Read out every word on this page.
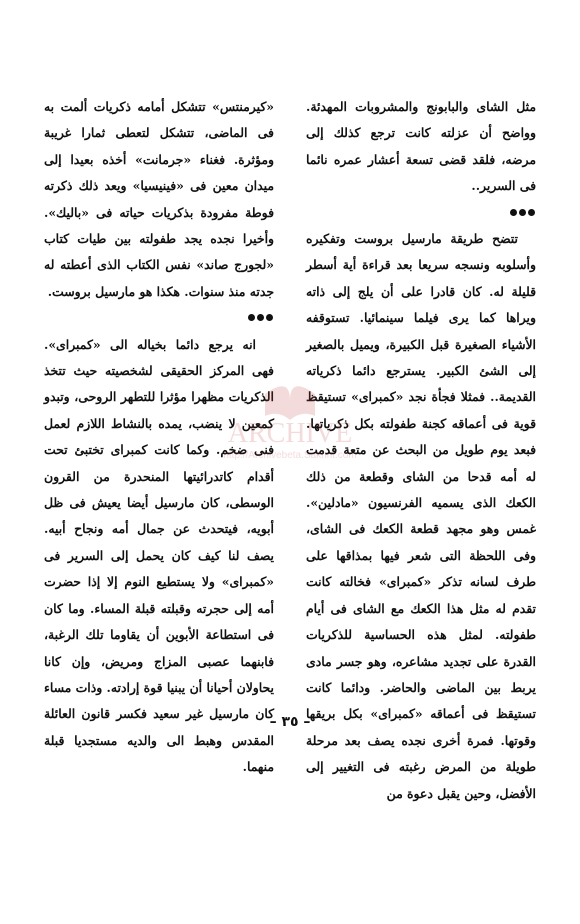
مثل الشاى والبابونج والمشروبات المهدئة. وواضح أن عزلته كانت ترجع كذلك إلى مرضه، فلقد قضى تسعة أعشار عمره نائما فى السرير..

تتضح طريقة مارسيل بروست وتفكيره وأسلوبه ونسجه سريعا بعد قراءة أية أسطر قليلة له. كان قادرا على أن يلج إلى ذاته ويراها كما يرى فيلما سينمائيا. تستوقفه الأشياء الصغيرة قبل الكبيرة، ويميل بالصغير إلى الشئ الكبير. يسترجع دائما ذكرياته القديمة.. فمثلا فجأة نجد «كمبراى» تستيقظ قوية فى أعماقه كجنة طفولته بكل ذكرياتها. فبعد يوم طويل من البحث عن متعة قدمت له أمه قدحا من الشاى وقطعة من ذلك الكعك الذى يسميه الفرنسيون «مادلين». غمس وهو مجهد قطعة الكعك فى الشاى، وفى اللحظة التى شعر فيها بمذاقها على طرف لسانه تذكر «كمبراى» فخالته كانت تقدم له مثل هذا الكعك مع الشاى فى أيام طفولته. لمثل هذه الحساسية للذكريات القدرة على تجديد مشاعره، وهو جسر مادى يربط بين الماضى والحاضر. ودائما كانت تستيقظ فى أعماقه «كمبراى» بكل بريقها وقوتها. فمرة أخرى نجده يصف بعد مرحلة طويلة من المرض رغبته فى التغيير إلى الأفضل، وحين يقبل دعوة من

«كيرمنتس» تتشكل أمامه ذكريات ألمت به فى الماضى، تتشكل لتعطى ثمارا غريبة ومؤثرة. فغناء «جرمانت» أخذه بعيدا إلى ميدان معين فى «فينيسيا» ويعد ذلك ذكرته فوطة مفرودة بذكريات حياته فى «باليك». وأخيرا نجده يجد طفولته بين طيات كتاب «لجورج صاند» نفس الكتاب الذى أعطته له جدته منذ سنوات. هكذا هو مارسيل بروست.

انه يرجع دائما بخياله الى «كمبراى». فهى المركز الحقيقى لشخصيته حيث تتخذ الذكريات مظهرا مؤثرا للتطهر الروحى، وتبدو كمعين لا ينضب، يمده بالنشاط اللازم لعمل فنى ضخم. وكما كانت كمبراى تختبئ تحت أقدام كاتدرائيتها المنحدرة من القرون الوسطى، كان مارسيل أيضا يعيش فى ظل أبويه، فيتحدث عن جمال أمه ونجاح أبيه. يصف لنا كيف كان يحمل إلى السرير فى «كمبراى» ولا يستطيع النوم إلا إذا حضرت أمه إلى حجرته وقبلته قبلة المساء. وما كان فى استطاعة الأبوين أن يقاوما تلك الرغبة، فابنهما عصبى المزاج ومريض، وإن كانا يحاولان أحيانا أن يبنيا قوة إرادته. وذات مساء كان مارسيل غير سعيد فكسر قانون العائلة المقدس وهبط الى والديه مستجديا قبلة منهما.

– ٣٥ –
ARCHIVE
http://Archivebeta.Sakhrit.com
